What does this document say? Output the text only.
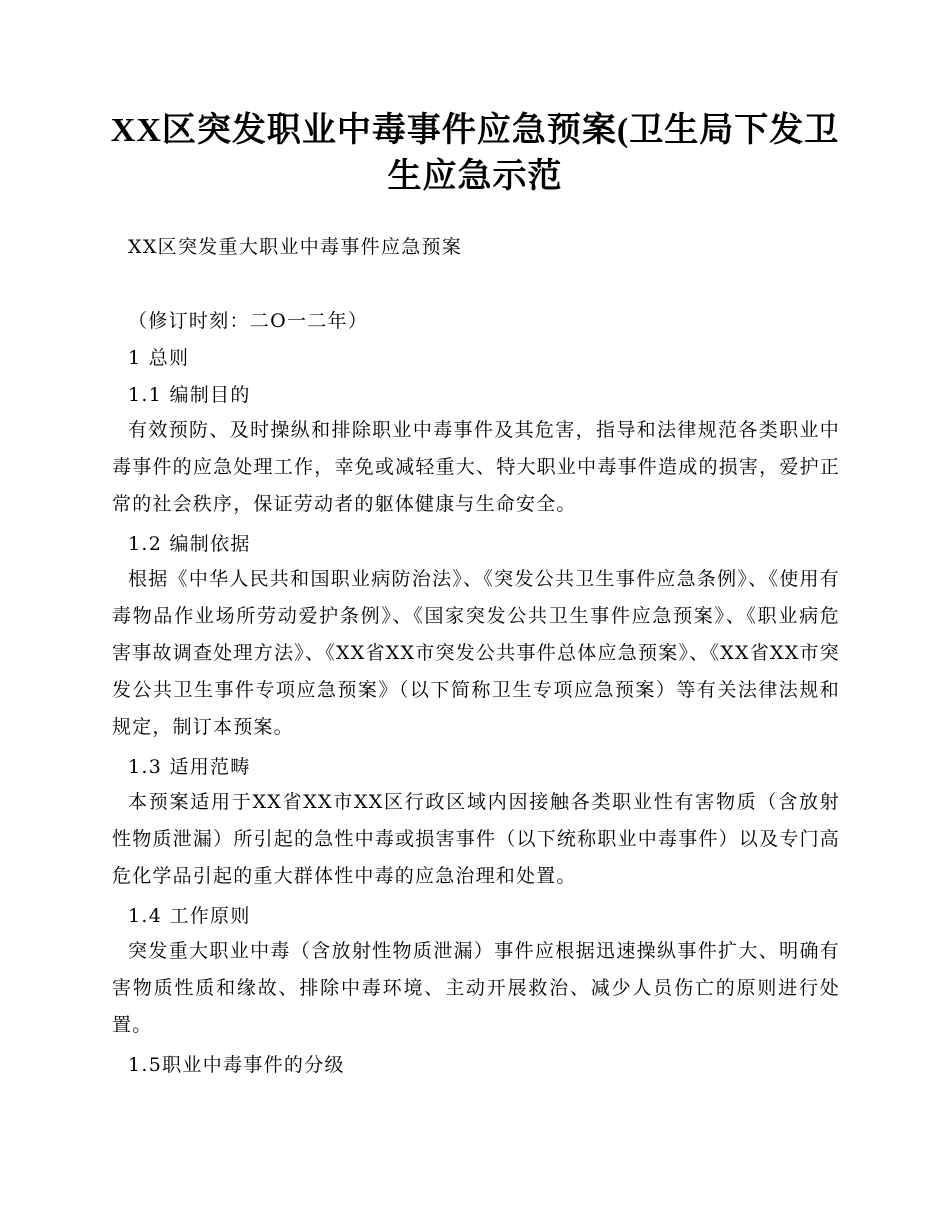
XX区突发职业中毒事件应急预案(卫生局下发卫生应急示范
XX区突发重大职业中毒事件应急预案
（修订时刻：二O一二年）
1 总则
1.1 编制目的
有效预防、及时操纵和排除职业中毒事件及其危害，指导和法律规范各类职业中毒事件的应急处理工作，幸免或减轻重大、特大职业中毒事件造成的损害，爱护正常的社会秩序，保证劳动者的躯体健康与生命安全。
1.2 编制依据
根据《中华人民共和国职业病防治法》、《突发公共卫生事件应急条例》、《使用有毒物品作业场所劳动爱护条例》、《国家突发公共卫生事件应急预案》、《职业病危害事故调查处理方法》、《XX省XX市突发公共事件总体应急预案》、《XX省XX市突发公共卫生事件专项应急预案》（以下简称卫生专项应急预案）等有关法律法规和规定，制订本预案。
1.3 适用范畴
本预案适用于XX省XX市XX区行政区域内因接触各类职业性有害物质（含放射性物质泄漏）所引起的急性中毒或损害事件（以下统称职业中毒事件）以及专门高危化学品引起的重大群体性中毒的应急治理和处置。
1.4 工作原则
突发重大职业中毒（含放射性物质泄漏）事件应根据迅速操纵事件扩大、明确有害物质性质和缘故、排除中毒环境、主动开展救治、减少人员伤亡的原则进行处置。
1.5职业中毒事件的分级
